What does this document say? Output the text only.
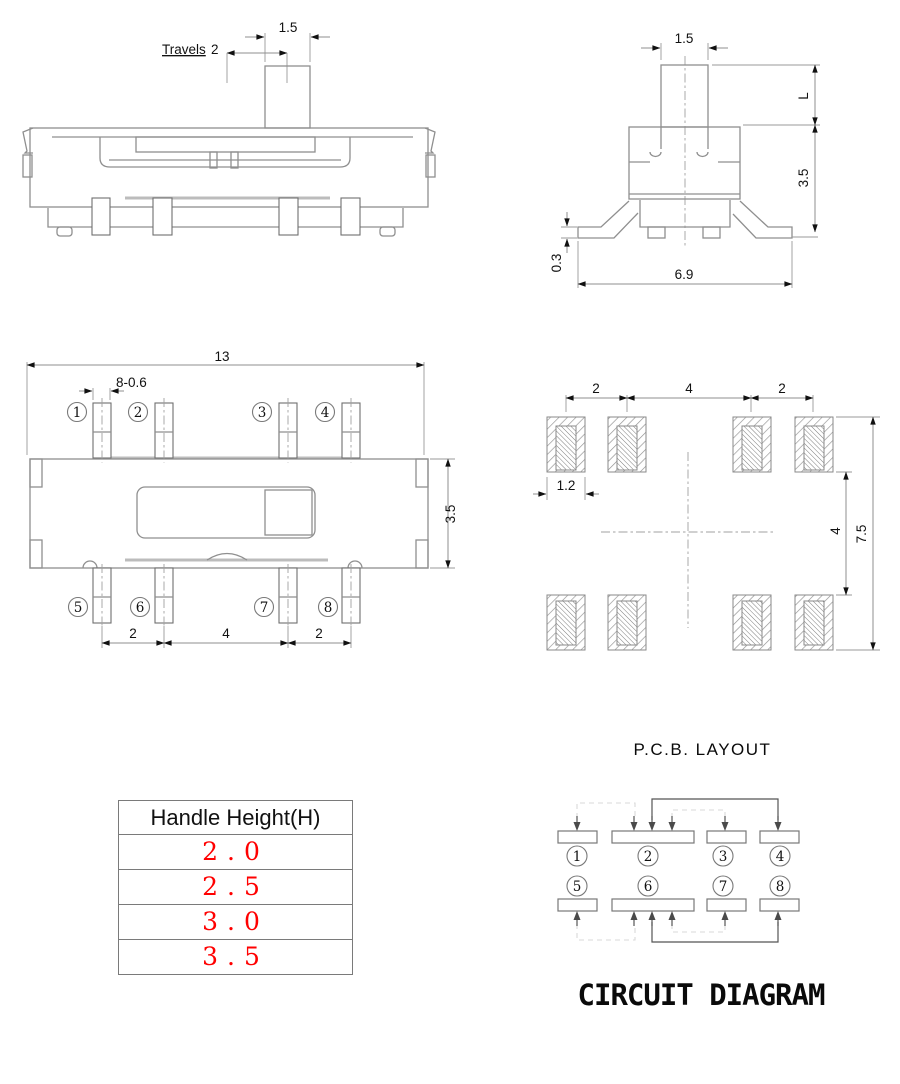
1.5
Travels 2
1.5
L
3.5
0.3
6.9
13
8-0.6
1	2	3	4
5	6	7	8
3.5
2	4	2
2	4	2
1.2
4 7.5
P.C.B. LAYOUT
1	2	3	4
5	6	7	8
CIRCUIT DIAGRAM
Handle Height(H)
2.0
2.5
3.0
3.5
